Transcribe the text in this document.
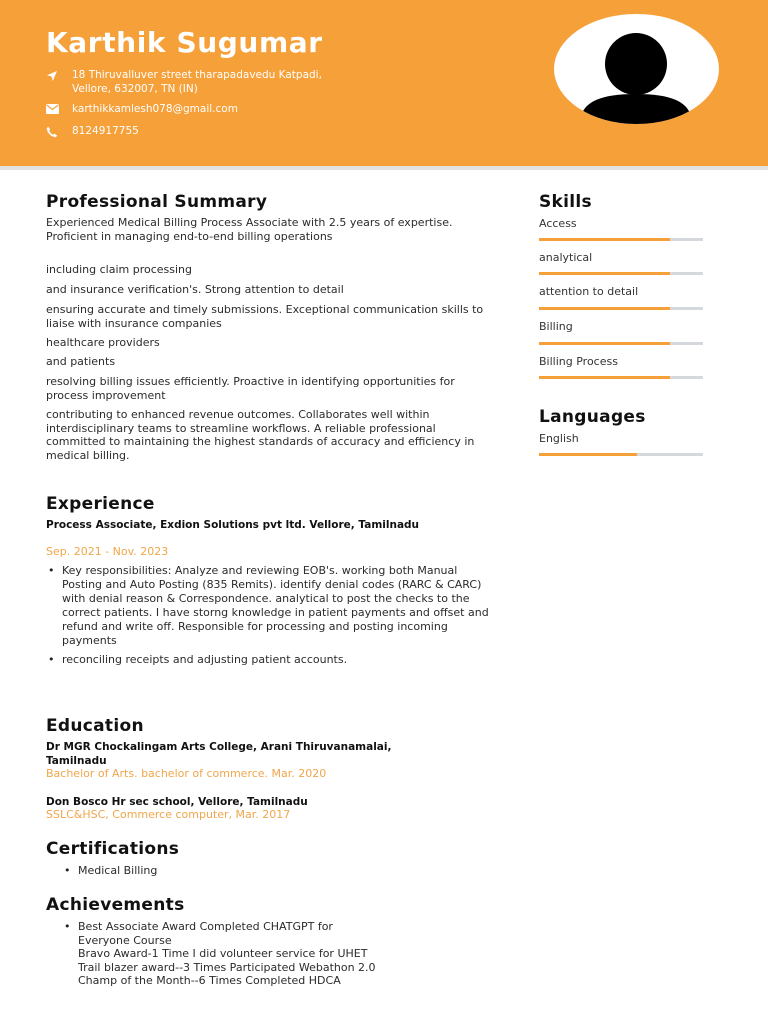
Karthik Sugumar
18 Thiruvalluver street tharapadavedu Katpadi,
Vellore, 632007, TN (IN)
karthikkamlesh078@gmail.com
8124917755
Professional Summary
Experienced Medical Billing Process Associate with 2.5 years of expertise. Proficient in managing end-to-end billing operations
including claim processing
and insurance verification's. Strong attention to detail
ensuring accurate and timely submissions. Exceptional communication skills to liaise with insurance companies
healthcare providers
and patients
resolving billing issues efficiently. Proactive in identifying opportunities for process improvement
contributing to enhanced revenue outcomes. Collaborates well within interdisciplinary teams to streamline workflows. A reliable professional committed to maintaining the highest standards of accuracy and efficiency in medical billing.
Experience
Process Associate, Exdion Solutions pvt ltd. Vellore, Tamilnadu
Sep. 2021 - Nov. 2023
• Key responsibilities: Analyze and reviewing EOB's. working both Manual Posting and Auto Posting (835 Remits). identify denial codes (RARC & CARC) with denial reason & Correspondence. analytical to post the checks to the correct patients. I have storng knowledge in patient payments and offset and refund and write off. Responsible for processing and posting incoming payments
• reconciling receipts and adjusting patient accounts.
Education
Dr MGR Chockalingam Arts College, Arani Thiruvanamalai, Tamilnadu
Bachelor of Arts. bachelor of commerce. Mar. 2020
Don Bosco Hr sec school, Vellore, Tamilnadu
SSLC&HSC, Commerce computer, Mar. 2017
Certifications
• Medical Billing
Achievements
• Best Associate Award Completed CHATGPT for
Everyone Course
Bravo Award-1 Time I did volunteer service for UHET
Trail blazer award--3 Times Participated Webathon 2.0
Champ of the Month--6 Times Completed HDCA
Skills
Access
analytical
attention to detail
Billing
Billing Process
Languages
English
